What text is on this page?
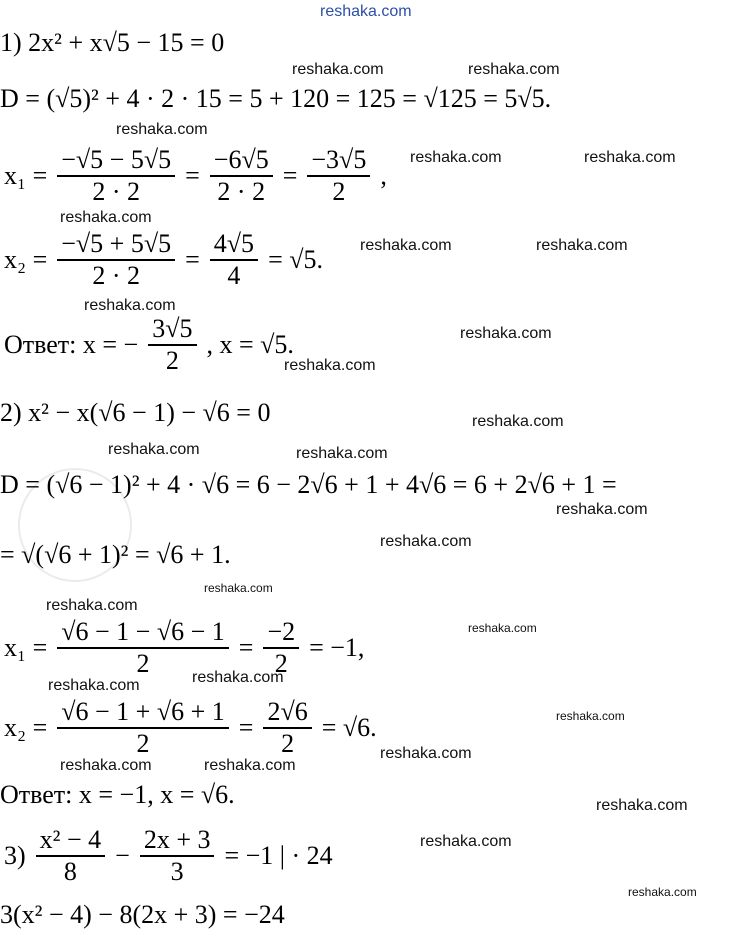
1) 2x² + x√5 − 15 = 0
D = (√5)² + 4 · 2 · 15 = 5 + 120 = 125 = √125 = 5√5.
$x_1 = \frac{-√5 - 5√5}{2 \cdot 2} = \frac{-6√5}{2 \cdot 2} = \frac{-3√5}{2}$ ,
$x_2 = \frac{-√5 + 5√5}{2 \cdot 2} = \frac{4√5}{4} = √5$.
Ответ: x = − $\frac{3√5}{2}$ , x = √5.
2) x² − x(√6 − 1) − √6 = 0
D = (√6 − 1)² + 4 · √6 = 6 − 2√6 + 1 + 4√6 = 6 + 2√6 + 1 =
= √(√6 + 1)² = √6 + 1.
$x_1 = \frac{√6 - 1 - √6 - 1}{2} = \frac{-2}{2} = -1$,
$x_2 = \frac{√6 - 1 + √6 + 1}{2} = \frac{2√6}{2} = √6$.
Ответ: x = −1, x = √6.
$3) \frac{\text{x² − 4}}{8} - \frac{2x + 3}{3} = -1$ | · 24
3(x² − 4) − 8(2x + 3) = −24
reshaka.com
reshaka.com	reshaka.com
reshaka.com
reshaka.com	reshaka.com
reshaka.com
reshaka.com	reshaka.com
reshaka.com
reshaka.com
reshaka.com
reshaka.com
reshaka.com	reshaka.com
reshaka.com
reshaka.com
reshaka.com
reshaka.com
reshaka.com
reshaka.com	reshaka.com
reshaka.com
reshaka.com	reshaka.com
reshaka.com
reshaka.com
reshaka.com
reshaka.com
